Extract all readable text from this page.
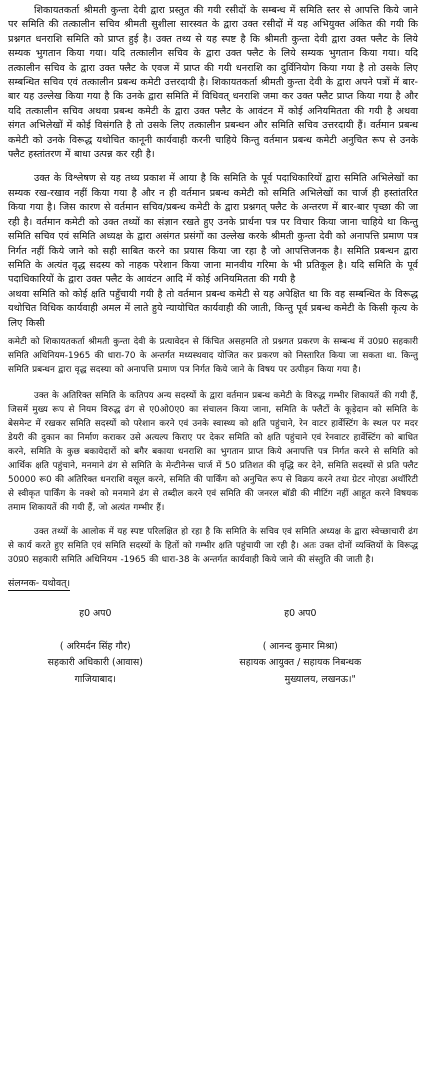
शिकायतकर्ता श्रीमती कुन्ता देवी द्वारा प्रस्तुत की गयी रसीदों के सम्बन्ध में समिति स्तर से आपत्ति किये जाने पर समिति की तत्कालीन सचिव श्रीमती सुशीला सारस्वत के द्वारा उक्त रसीदों में यह अभियुक्त अंकित की गयी कि प्रश्नगत धनराशि समिति को प्राप्त हुई है। उक्त तथ्य से यह स्पष्ट है कि श्रीमती कुन्ता देवी द्वारा उक्त फ्लैट के लिये सम्यक भुगतान किया गया। यदि तत्कालीन सचिव के द्वारा उक्त फ्लैट के लिये सम्यक भुगतान किया गया। यदि तत्कालीन सचिव के द्वारा उक्त फ्लैट के एवज में प्राप्त की गयी धनराशि का दुर्विनियोग किया गया है तो उसके लिए सम्बन्धित सचिव एवं तत्कालीन प्रबन्ध कमेटी उत्तरदायी है। शिकायतकर्ता श्रीमती कुन्ता देवी के द्वारा अपने पत्रों में बार-बार यह उल्लेख किया गया है कि उनके द्वारा समिति में विधिवत् धनराशि जमा कर उक्त फ्लैट प्राप्त किया गया है और यदि तत्कालीन सचिव अथवा प्रबन्ध कमेटी के द्वारा उक्त फ्लैट के आवंटन में कोई अनियमितता की गयी है अथवा संगत अभिलेखों में कोई विसंगति है तो उसके लिए तत्कालीन प्रबन्धन और समिति सचिव उत्तरदायी हैं। वर्तमान प्रबन्ध कमेटी को उनके विरूद्ध यथोचित कानूनी कार्यवाही करनी चाहिये किन्तु वर्तमान प्रबन्ध कमेटी अनुचित रूप से उनके फ्लैट हस्तांतरण में बाधा उत्पन्न कर रही है।

उक्त के विश्लेषण से यह तथ्य प्रकाश में आया है कि समिति के पूर्व पदाधिकारियों द्वारा समिति अभिलेखों का सम्यक रख-रखाव नहीं किया गया है और न ही वर्तमान प्रबन्ध कमेटी को समिति अभिलेखों का चार्ज ही हस्तांतरित किया गया है। जिस कारण से वर्तमान सचिव/प्रबन्ध कमेटी के द्वारा प्रश्नगत् फ्लैट के अन्तरण में बार-बार पृच्छा की जा रही है। वर्तमान कमेटी को उक्त तथ्यों का संज्ञान रखते हुए उनके प्रार्थना पत्र पर विचार किया जाना चाहिये था किन्तु समिति सचिव एवं समिति अध्यक्ष के द्वारा असंगत प्रसंगों का उल्लेख करके श्रीमती कुन्ता देवी को अनापत्ति प्रमाण पत्र निर्गत नहीं किये जाने को सही साबित करने का प्रयास किया जा रहा है जो आपत्तिजनक है। समिति प्रबन्धन द्वारा समिति के अत्यंत वृद्ध सदस्य को नाहक परेशान किया जाना मानवीय गरिमा के भी प्रतिकूल है। यदि समिति के पूर्व पदाधिकारियों के द्वारा उक्त फ्लैट के आवंटन आदि में कोई अनियमितता की गयी है

अथवा समिति को कोई क्षति पहुँचायी गयी है तो वर्तमान प्रबन्ध कमेटी से यह अपेक्षित था कि वह सम्बन्धित के विरूद्ध यथोचित विधिक कार्यवाही अमल में लाते हुये न्यायोचित कार्यवाही की जाती, किन्तु पूर्व प्रबन्ध कमेटी के किसी कृत्य के लिए किसी

कमेटी को शिकायतकर्ता श्रीमती कुन्ता देवी के प्रत्यावेदन से किंचित असहमति तो प्रश्नगत प्रकरण के सम्बन्ध में उ0प्र0 सहकारी समिति अधिनियम-1965 की धारा-70 के अन्तर्गत मध्यस्थवाद योजित कर प्रकरण को निस्तारित किया जा सकता था. किन्तु समिति प्रबन्धन द्वारा वृद्ध सदस्या को अनापत्ति प्रमाण पत्र निर्गत किये जाने के विषय पर उत्पीड़न किया गया है।

उक्त के अतिरिक्त समिति के कतिपय अन्य सदस्यों के द्वारा वर्तमान प्रबन्ध कमेटी के विरुद्ध गम्भीर शिकायतें की गयी हैं, जिसमें मुख्य रूप से नियम विरुद्ध ढंग से ए0ओ0ए0 का संचालन किया जाना, समिति के फ्लैटों के कूड़ेदान को समिति के बेसमेन्ट में रखकर समिति सदस्यों को परेशान करने एवं उनके स्वास्थ्य को क्षति पहुंचाने, रेन वाटर हार्वेस्टिंग के स्थल पर मदर डेयरी की दुकान का निर्माण कराकर उसे अत्यल्प किराए पर देकर समिति को क्षति पहुंचाने एवं रेनवाटर हार्वेस्टिंग को बाधित करने, समिति के कुछ बकायेदारों को बगैर बकाया धनराशि का भुगतान प्राप्त किये अनापत्ति पत्र निर्गत करने से समिति को आर्थिक क्षति पहुंचाने, मनमाने ढंग से समिति के मेन्टीनेन्स चार्ज में 50 प्रतिशत की वृद्धि कर देने, समिति सदस्यों से प्रति फ्लैट 50000 रू0 की अतिरिक्त धनराशि वसूल करने, समिति की पार्किंग को अनुचित रूप से विक्रय करने तथा ग्रेटर नोएडा अथॉरिटी से स्वीकृत पार्किंग के नक्शे को मनमाने ढंग से तब्दील करने एवं समिति की जनरल बॉडी की मीटिंग नहीं आहूत करने विषयक तमाम शिकायतें की गयी हैं, जो अत्यंत गम्भीर हैं।

उक्त तथ्यों के आलोक में यह स्पष्ट परिलक्षित हो रहा है कि समिति के सचिव एवं समिति अध्यक्ष के द्वारा स्वेच्छाचारी ढंग से कार्य करते हुए समिति एवं समिति सदस्यों के हितों को गम्भीर क्षति पहुंचायी जा रही है। अतः उक्त दोनों व्यक्तियों के विरूद्ध उ0प्र0 सहकारी समिति अधिनियम -1965 की धारा-38 के अन्तर्गत कार्यवाही किये जाने की संस्तुति की जाती है।

संलग्नक- यथोवत्।
ह0 अप0	ह0 अप0
( अरिमर्दन सिंह गौर)	( आनन्द कुमार मिश्रा)
सहकारी अधिकारी (आवास)	सहायक आयुक्त / सहायक निबन्धक
गाजियाबाद।	मुख्यालय, लखनऊ।"
